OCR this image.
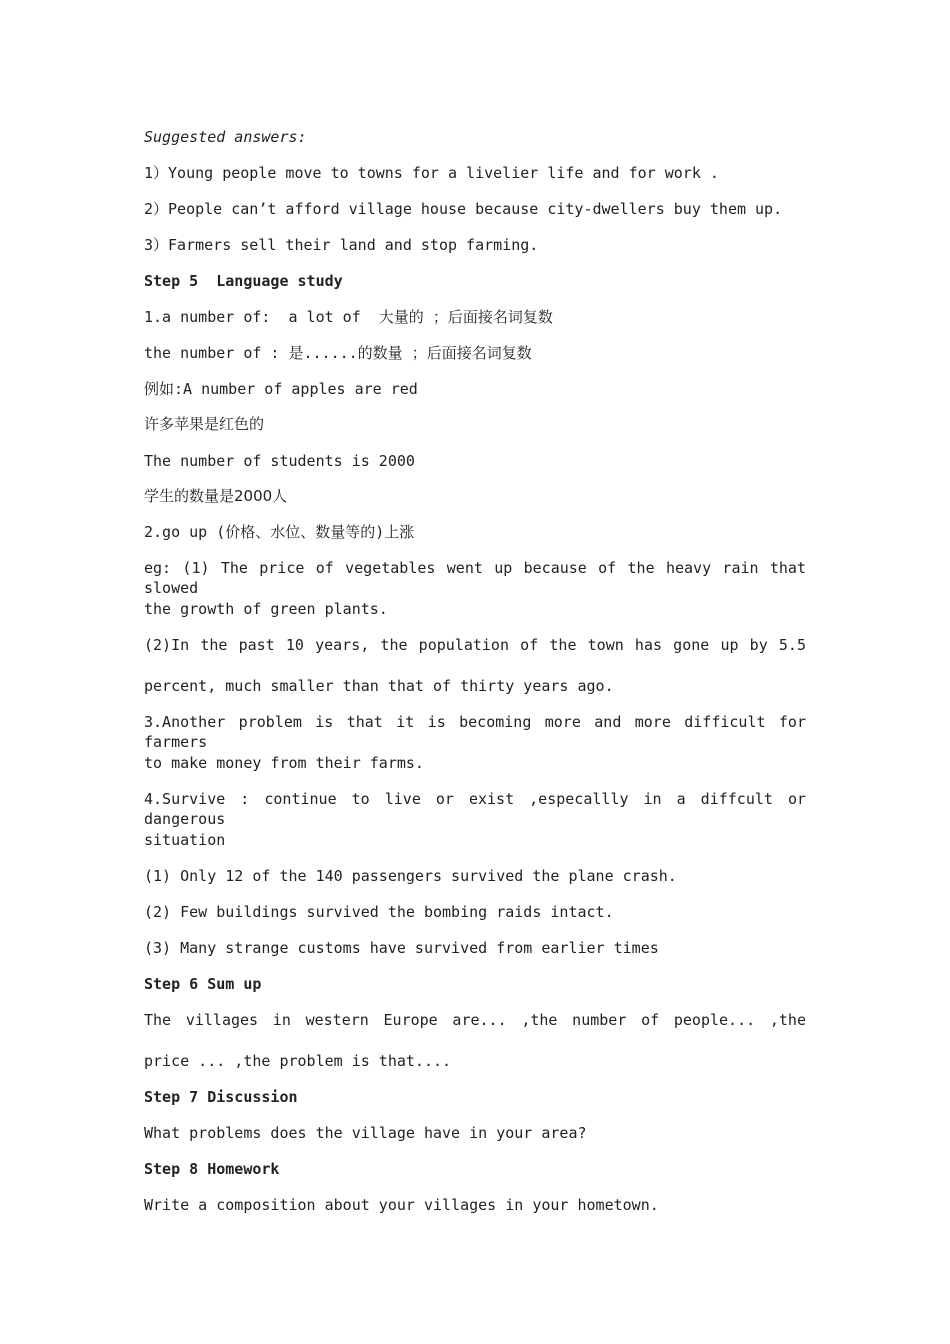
Suggested answers:
1）Young people move to towns for a livelier life and for work .
2）People can’t afford village house because city-dwellers buy them up.
3）Farmers sell their land and stop farming.
Step 5  Language study
1.a number of:  a lot of  大量的 ；后面接名词复数
the number of : 是......的数量 ；后面接名词复数
例如:A number of apples are red
许多苹果是红色的
The number of students is 2000
学生的数量是2000人
2.go up (价格、水位、数量等的)上涨
eg: (1) The price of vegetables went up because of the heavy rain that slowed
the growth of green plants.
(2)In the past 10 years, the population of the town has gone up by 5.5
percent, much smaller than that of thirty years ago.
3.Another problem is that it is becoming more and more difficult for farmers
to make money from their farms.
4.Survive : continue to live or exist ,especallly in a diffcult or dangerous
situation
(1) Only 12 of the 140 passengers survived the plane crash.
(2) Few buildings survived the bombing raids intact.
(3) Many strange customs have survived from earlier times
Step 6 Sum up
The villages in western Europe are... ,the number of people... ,the
price ... ,the problem is that....
Step 7 Discussion
What problems does the village have in your area?
Step 8 Homework
Write a composition about your villages in your hometown.
